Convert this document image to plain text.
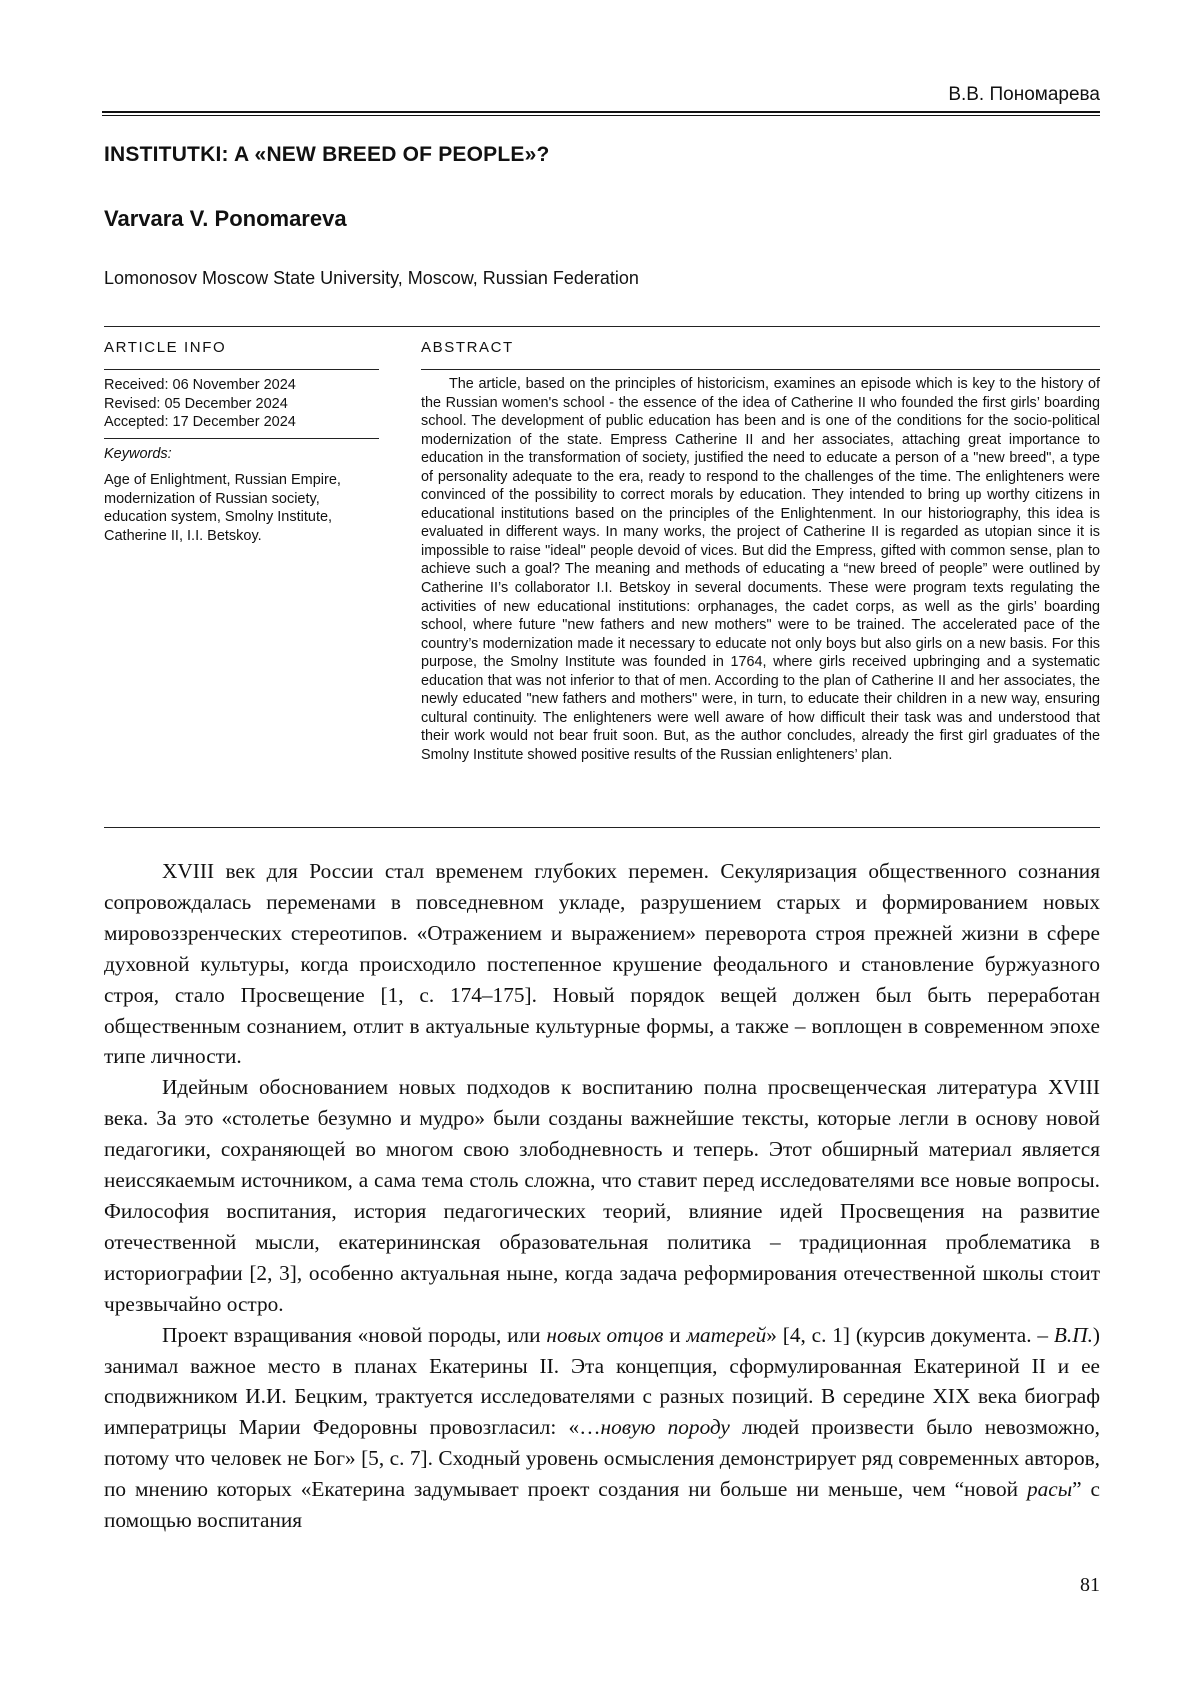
В.В. Пономарева
INSTITUTKI: A «NEW BREED OF PEOPLE»?
Varvara V. Ponomareva
Lomonosov Moscow State University, Moscow, Russian Federation
ARTICLE INFO	ABSTRACT
Received: 06 November 2024
Revised: 05 December 2024
Accepted: 17 December 2024
Keywords:
Age of Enlightment, Russian Empire,
modernization of Russian society,
education system, Smolny Institute,
Catherine II, I.I. Betskoy.

The article, based on the principles of historicism, examines an episode which is key to the history of the Russian women's school - the essence of the idea of Catherine II who founded the first girls’ boarding school. The development of public education has been and is one of the conditions for the socio-political modernization of the state. Empress Catherine II and her associates, attaching great importance to education in the transformation of society, justified the need to educate a person of a "new breed", a type of personality adequate to the era, ready to respond to the challenges of the time. The enlighteners were convinced of the possibility to correct morals by education. They intended to bring up worthy citizens in educational institutions based on the principles of the Enlightenment. In our historiography, this idea is evaluated in different ways. In many works, the project of Catherine II is regarded as utopian since it is impossible to raise "ideal" people devoid of vices. But did the Empress, gifted with common sense, plan to achieve such a goal? The meaning and methods of educating a “new breed of people” were outlined by Catherine II’s collaborator I.I. Betskoy in several documents. These were program texts regulating the activities of new educational institutions: orphanages, the cadet corps, as well as the girls’ boarding school, where future "new fathers and new mothers" were to be trained. The accelerated pace of the country’s modernization made it necessary to educate not only boys but also girls on a new basis. For this purpose, the Smolny Institute was founded in 1764, where girls received upbringing and a systematic education that was not inferior to that of men. According to the plan of Catherine II and her associates, the newly educated "new fathers and mothers" were, in turn, to educate their children in a new way, ensuring cultural continuity. The enlighteners were well aware of how difficult their task was and understood that their work would not bear fruit soon. But, as the author concludes, already the first girl graduates of the Smolny Institute showed positive results of the Russian enlighteners’ plan.

XVIII век для России стал временем глубоких перемен. Секуляризация общественного сознания сопровождалась переменами в повседневном укладе, разрушением старых и формированием новых мировоззренческих стереотипов. «Отражением и выражением» переворота строя прежней жизни в сфере духовной культуры, когда происходило постепенное крушение феодального и становление буржуазного строя, стало Просвещение [1, с. 174–175]. Новый порядок вещей должен был быть переработан общественным сознанием, отлит в актуальные культурные формы, а также – воплощен в современном эпохе типе личности.

Идейным обоснованием новых подходов к воспитанию полна просвещенческая литература XVIII века. За это «столетье безумно и мудро» были созданы важнейшие тексты, которые легли в основу новой педагогики, сохраняющей во многом свою злободневность и теперь. Этот обширный материал является неиссякаемым источником, а сама тема столь сложна, что ставит перед исследователями все новые вопросы. Философия воспитания, история педагогических теорий, влияние идей Просвещения на развитие отечественной мысли, екатерининская образовательная политика – традиционная проблематика в историографии [2, 3], особенно актуальная ныне, когда задача реформирования отечественной школы стоит чрезвычайно остро.

Проект взращивания «новой породы, или новых отцов и матерей» [4, с. 1] (курсив документа. – В.П.) занимал важное место в планах Екатерины II. Эта концепция, сформулированная Екатериной II и ее сподвижником И.И. Бецким, трактуется исследователями с разных позиций. В середине XIX века биограф императрицы Марии Федоровны провозгласил: «…новую породу людей произвести было невозможно, потому что человек не Бог» [5, с. 7]. Сходный уровень осмысления демонстрирует ряд современных авторов, по мнению которых «Екатерина задумывает проект создания ни больше ни меньше, чем “новой расы” с помощью воспитания

81
